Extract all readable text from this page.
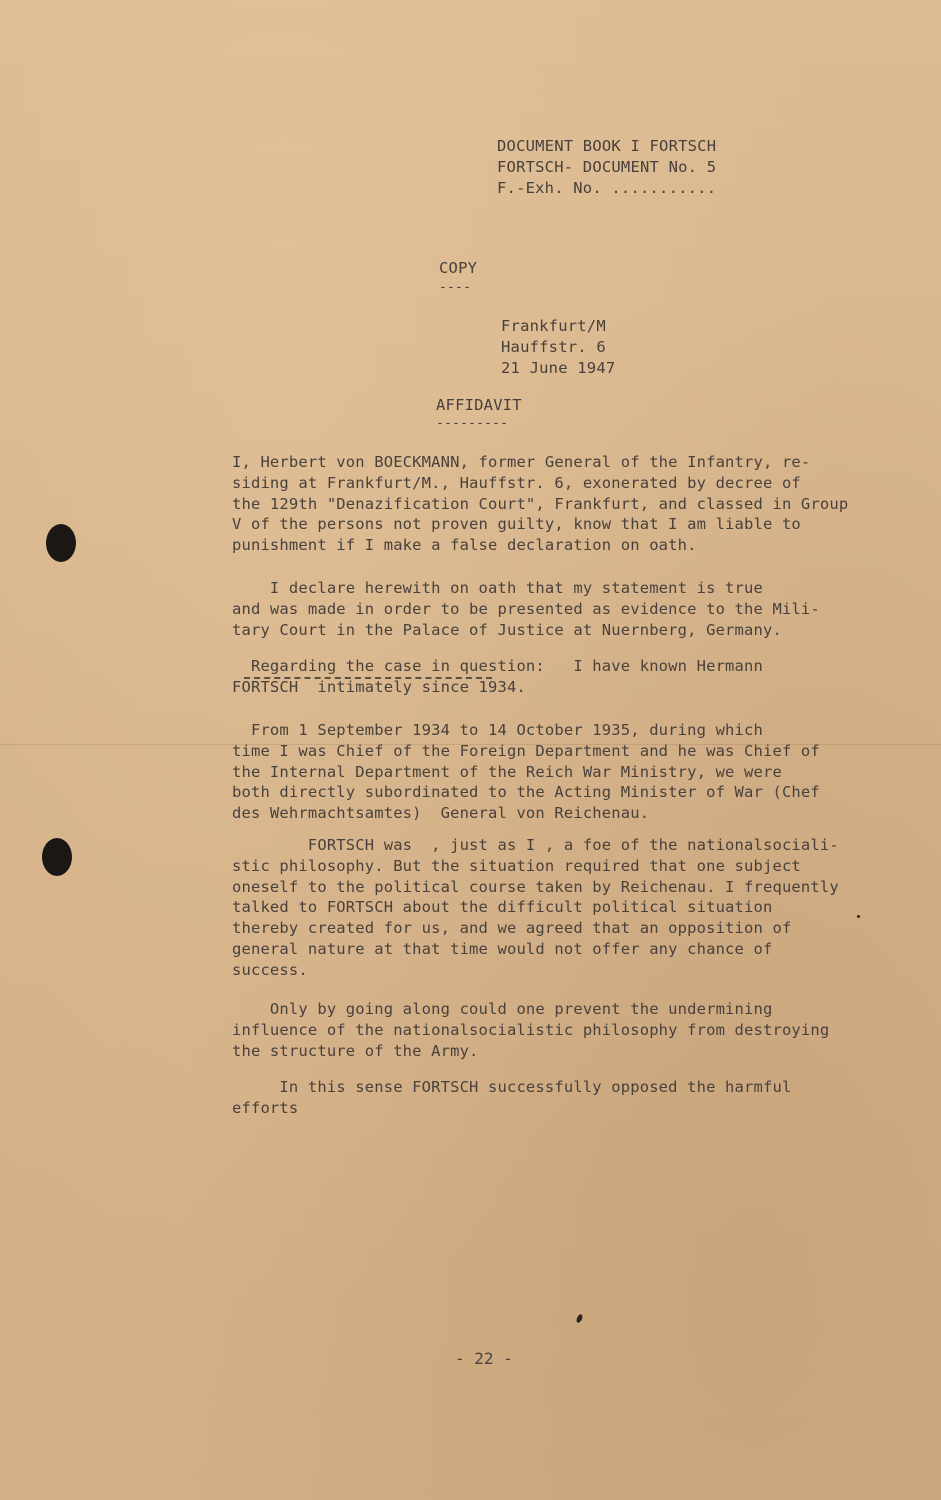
DOCUMENT BOOK I FORTSCH
FORTSCH- DOCUMENT No. 5
F.-Exh. No. ...........
COPY
----
Frankfurt/M
Hauffstr. 6
21 June 1947
AFFIDAVIT
---------
I, Herbert von BOECKMANN, former General of the Infantry, re-
siding at Frankfurt/M., Hauffstr. 6, exonerated by decree of
the 129th "Denazification Court", Frankfurt, and classed in Group
V of the persons not proven guilty, know that I am liable to
punishment if I make a false declaration on oath.
I declare herewith on oath that my statement is true
and was made in order to be presented as evidence to the Mili-
tary Court in the Palace of Justice at Nuernberg, Germany.
Regarding the case in question:   I have known Hermann
FORTSCH  intimately since 1934.
From 1 September 1934 to 14 October 1935, during which
time I was Chief of the Foreign Department and he was Chief of
the Internal Department of the Reich War Ministry, we were
both directly subordinated to the Acting Minister of War (Chef
des Wehrmachtsamtes)  General von Reichenau.
FORTSCH was  , just as I , a foe of the nationalsociali-
stic philosophy. But the situation required that one subject
oneself to the political course taken by Reichenau. I frequently
talked to FORTSCH about the difficult political situation
thereby created for us, and we agreed that an opposition of
general nature at that time would not offer any chance of
success.
Only by going along could one prevent the undermining
influence of the nationalsocialistic philosophy from destroying
the structure of the Army.
In this sense FORTSCH successfully opposed the harmful
efforts
- 22 -
